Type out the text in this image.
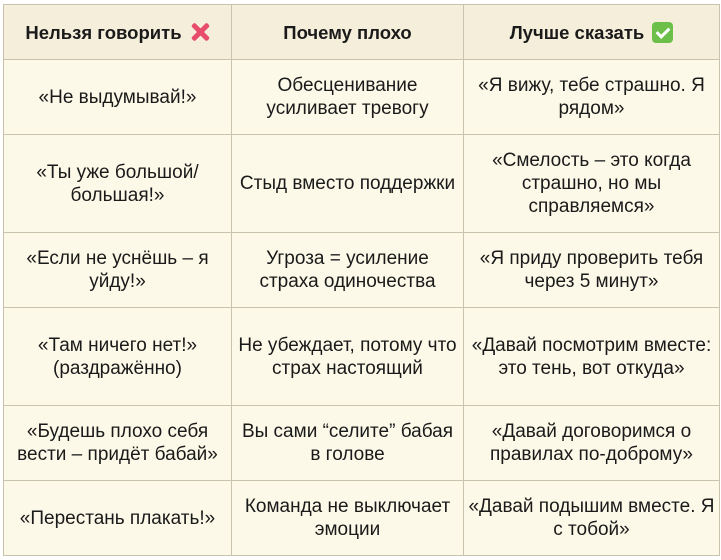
Нельзя говорить	Почему плохо	Лучше сказать

«Не выдумывай!»	Обесценивание усиливает тревогу	«Я вижу, тебе страшно. Я рядом»
«Ты уже большой/ большая!»	Стыд вместо поддержки	«Смелость – это когда страшно, но мы справляемся»
«Если не уснёшь – я уйду!»	Угроза = усиление страха одиночества	«Я приду проверить тебя через 5 минут»
«Там ничего нет!» (раздражённо)	Не убеждает, потому что страх настоящий	«Давай посмотрим вместе: это тень, вот откуда»
«Будешь плохо себя вести – придёт бабай»	Вы сами “селите” бабая в голове	«Давай договоримся о правилах по-доброму»
«Перестань плакать!»	Команда не выключает эмоции	«Давай подышим вместе. Я с тобой»
